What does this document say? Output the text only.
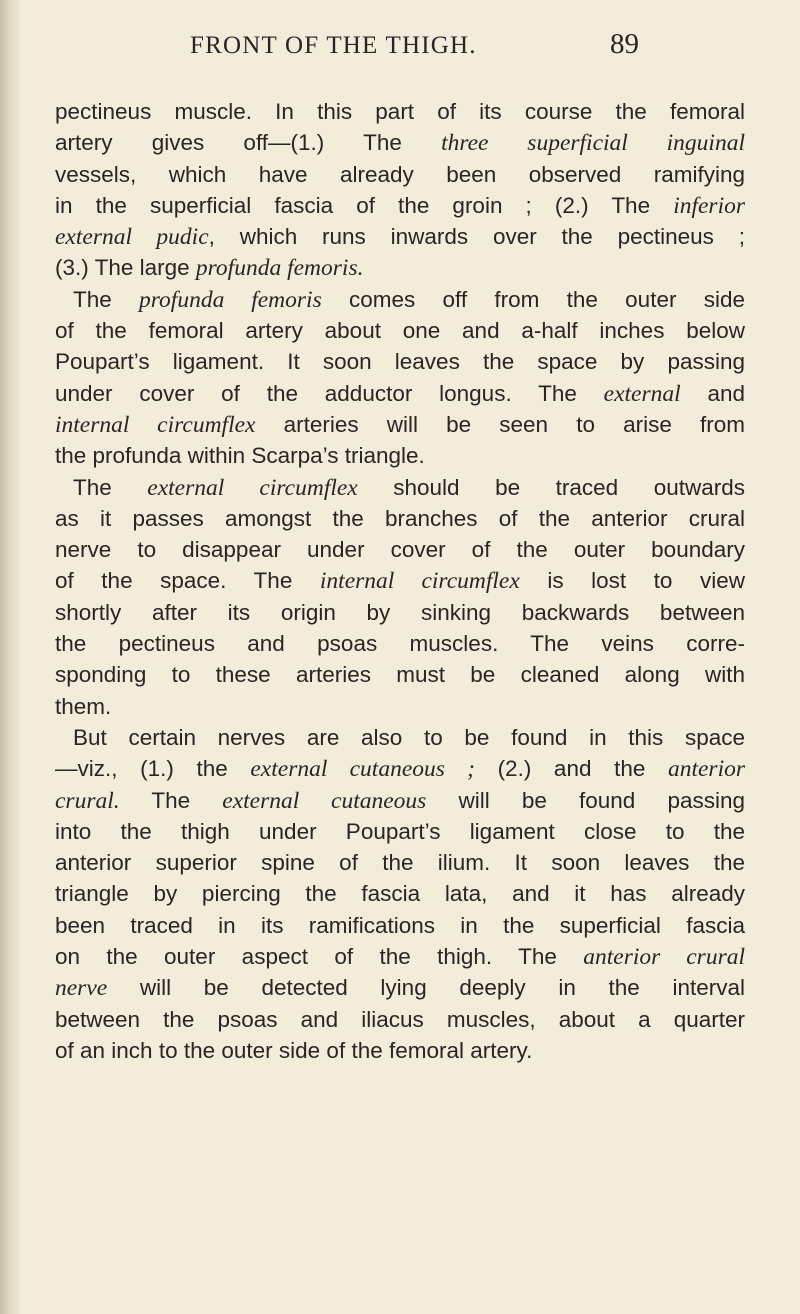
FRONT OF THE THIGH.	89
pectineus muscle. In this part of its course the femoral
artery gives off—(1.) The three superficial inguinal
vessels, which have already been observed ramifying
in the superficial fascia of the groin ; (2.) The inferior
external pudic, which runs inwards over the pectineus ;
(3.) The large profunda femoris.
The profunda femoris comes off from the outer side
of the femoral artery about one and a-half inches below
Poupart’s ligament. It soon leaves the space by passing
under cover of the adductor longus. The external and
internal circumflex arteries will be seen to arise from
the profunda within Scarpa’s triangle.
The external circumflex should be traced outwards
as it passes amongst the branches of the anterior crural
nerve to disappear under cover of the outer boundary
of the space. The internal circumflex is lost to view
shortly after its origin by sinking backwards between
the pectineus and psoas muscles. The veins corre-
sponding to these arteries must be cleaned along with
them.
But certain nerves are also to be found in this space
—viz., (1.) the external cutaneous ; (2.) and the anterior
crural. The external cutaneous will be found passing
into the thigh under Poupart’s ligament close to the
anterior superior spine of the ilium. It soon leaves the
triangle by piercing the fascia lata, and it has already
been traced in its ramifications in the superficial fascia
on the outer aspect of the thigh. The anterior crural
nerve will be detected lying deeply in the interval
between the psoas and iliacus muscles, about a quarter
of an inch to the outer side of the femoral artery.
